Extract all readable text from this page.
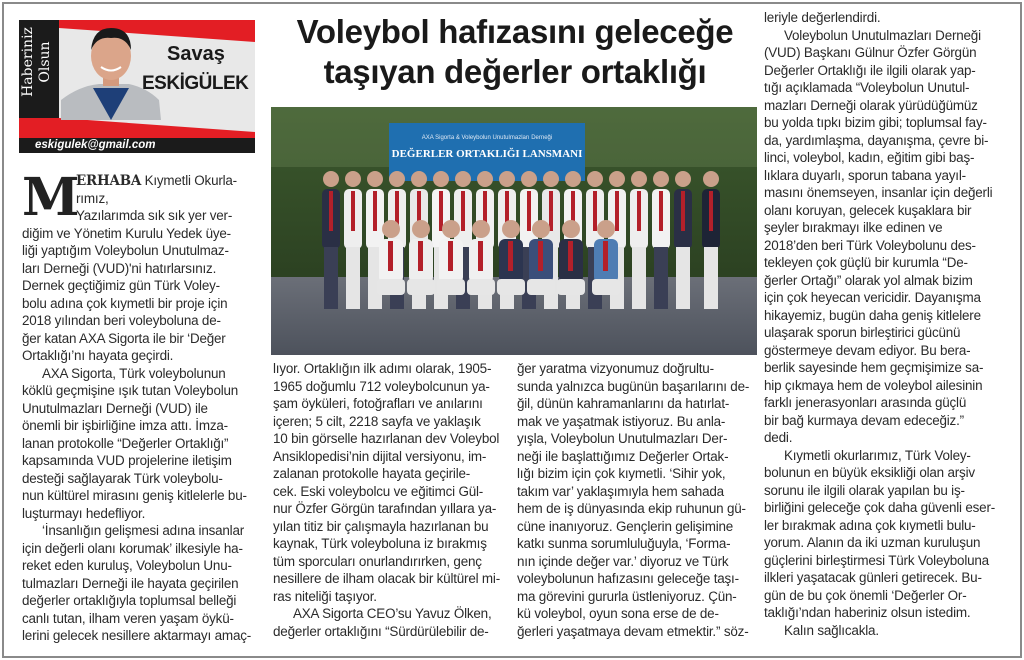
Haberiniz Olsun	Savaş
ESKİGÜLEK
eskigulek@gmail.com
Voleybol hafızasını geleceğe
taşıyan değerler ortaklığı
AXA Sigorta & Voleybolun Unutulmazları Derneği
DEĞERLER ORTAKLIĞI LANSMANI
M
ERHABA Kıymetli Okurla-
rımız,
Yazılarımda sık sık yer ver-
diğim ve Yönetim Kurulu Yedek üye-
liği yaptığım Voleybolun Unutulmaz-
ları Derneği (VUD)'ni hatırlarsınız.
Dernek geçtiğimiz gün Türk Voley-
bolu adına çok kıymetli bir proje için
2018 yılından beri voleyboluna de-
ğer katan AXA Sigorta ile bir ‘Değer
Ortaklığı’nı hayata geçirdi.
AXA Sigorta, Türk voleybolunun
köklü geçmişine ışık tutan Voleybolun
Unutulmazları Derneği (VUD) ile
önemli bir işbirliğine imza attı. İmza-
lanan protokolle “Değerler Ortaklığı”
kapsamında VUD projelerine iletişim
desteği sağlayarak Türk voleybolu-
nun kültürel mirasını geniş kitlelerle bu-
luşturmayı hedefliyor.
‘İnsanlığın gelişmesi adına insanlar
için değerli olanı korumak’ ilkesiyle ha-
reket eden kuruluş, Voleybolun Unu-
tulmazları Derneği ile hayata geçirilen
değerler ortaklığıyla toplumsal belleği
canlı tutan, ilham veren yaşam öykü-
lerini gelecek nesillere aktarmayı amaç-
lıyor. Ortaklığın ilk adımı olarak, 1905-
1965 doğumlu 712 voleybolcunun ya-
şam öyküleri, fotoğrafları ve anılarını
içeren; 5 cilt, 2218 sayfa ve yaklaşık
10 bin görselle hazırlanan dev Voleybol
Ansiklopedisi’nin dijital versiyonu, im-
zalanan protokolle hayata geçirile-
cek. Eski voleybolcu ve eğitimci Gül-
nur Özfer Görgün tarafından yıllara ya-
yılan titiz bir çalışmayla hazırlanan bu
kaynak, Türk voleyboluna iz bırakmış
tüm sporcuları onurlandırırken, genç
nesillere de ilham olacak bir kültürel mi-
ras niteliği taşıyor.
AXA Sigorta CEO’su Yavuz Ölken,
değerler ortaklığını “Sürdürülebilir de-
ğer yaratma vizyonumuz doğrultu-
sunda yalnızca bugünün başarılarını de-
ğil, dünün kahramanlarını da hatırlat-
mak ve yaşatmak istiyoruz. Bu anla-
yışla, Voleybolun Unutulmazları Der-
neği ile başlattığımız Değerler Ortak-
lığı bizim için çok kıymetli. ‘Sihir yok,
takım var’ yaklaşımıyla hem sahada
hem de iş dünyasında ekip ruhunun gü-
cüne inanıyoruz. Gençlerin gelişimine
katkı sunma sorumluluğuyla, ‘Forma-
nın içinde değer var.’ diyoruz ve Türk
voleybolunun hafızasını geleceğe taşı-
ma görevini gururla üstleniyoruz. Çün-
kü voleybol, oyun sona erse de de-
ğerleri yaşatmaya devam etmektir.” söz-
leriyle değerlendirdi.
Voleybolun Unutulmazları Derneği
(VUD) Başkanı Gülnur Özfer Görgün
Değerler Ortaklığı ile ilgili olarak yap-
tığı açıklamada “Voleybolun Unutul-
mazları Derneği olarak yürüdüğümüz
bu yolda tıpkı bizim gibi; toplumsal fay-
da, yardımlaşma, dayanışma, çevre bi-
linci, voleybol, kadın, eğitim gibi baş-
lıklara duyarlı, sporun tabana yayıl-
masını önemseyen, insanlar için değerli
olanı koruyan, gelecek kuşaklara bir
şeyler bırakmayı ilke edinen ve
2018’den beri Türk Voleybolunu des-
tekleyen çok güçlü bir kurumla “De-
ğerler Ortağı” olarak yol almak bizim
için çok heyecan vericidir. Dayanışma
hikayemiz, bugün daha geniş kitlelere
ulaşarak sporun birleştirici gücünü
göstermeye devam ediyor. Bu bera-
berlik sayesinde hem geçmişimize sa-
hip çıkmaya hem de voleybol ailesinin
farklı jenerasyonları arasında güçlü
bir bağ kurmaya devam edeceğiz.”
dedi.
Kıymetli okurlarımız, Türk Voley-
bolunun en büyük eksikliği olan arşiv
sorunu ile ilgili olarak yapılan bu iş-
birliğini geleceğe çok daha güvenli eser-
ler bırakmak adına çok kıymetli bulu-
yorum. Alanın da iki uzman kuruluşun
güçlerini birleştirmesi Türk Voleyboluna
ilkleri yaşatacak günleri getirecek. Bu-
gün de bu çok önemli ‘Değerler Or-
taklığı’ndan haberiniz olsun istedim.
Kalın sağlıcakla.
